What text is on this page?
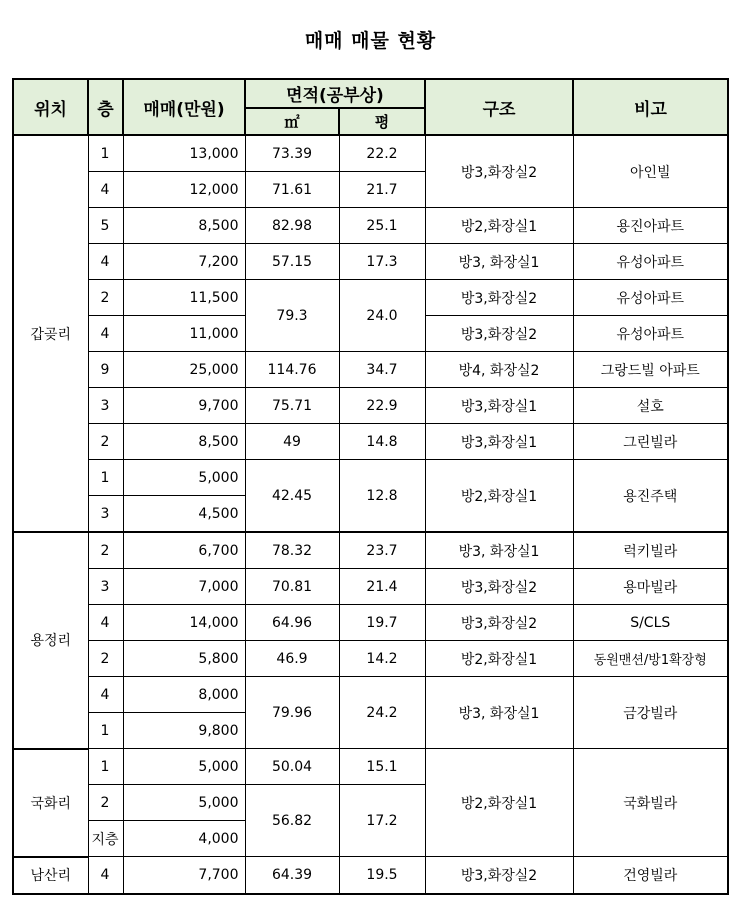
매매 매물 현황
위치	층	매매(만원)	면적(공부상)		구조	비고
			㎡	평		
갑곶리	1	13,000	73.39	22.2	방3,화장실2	아인빌
	4	12,000	71.61	21.7		
	5	8,500	82.98	25.1	방2,화장실1	용진아파트
	4	7,200	57.15	17.3	방3, 화장실1	유성아파트
	2	11,500	79.3	24.0	방3,화장실2	유성아파트
	4	11,000			방3,화장실2	유성아파트
	9	25,000	114.76	34.7	방4, 화장실2	그랑드빌 아파트
	3	9,700	75.71	22.9	방3,화장실1	설호
	2	8,500	49	14.8	방3,화장실1	그린빌라
	1	5,000	42.45	12.8	방2,화장실1	용진주택
	3	4,500				
용정리	2	6,700	78.32	23.7	방3, 화장실1	럭키빌라
	3	7,000	70.81	21.4	방3,화장실2	용마빌라
	4	14,000	64.96	19.7	방3,화장실2	S/CLS
	2	5,800	46.9	14.2	방2,화장실1	동원맨션/방1확장형
	4	8,000	79.96	24.2	방3, 화장실1	금강빌라
	1	9,800				
국화리	1	5,000	50.04	15.1	방2,화장실1	국화빌라
	2	5,000	56.82	17.2		
	지층	4,000				
남산리	4	7,700	64.39	19.5	방3,화장실2	건영빌라
